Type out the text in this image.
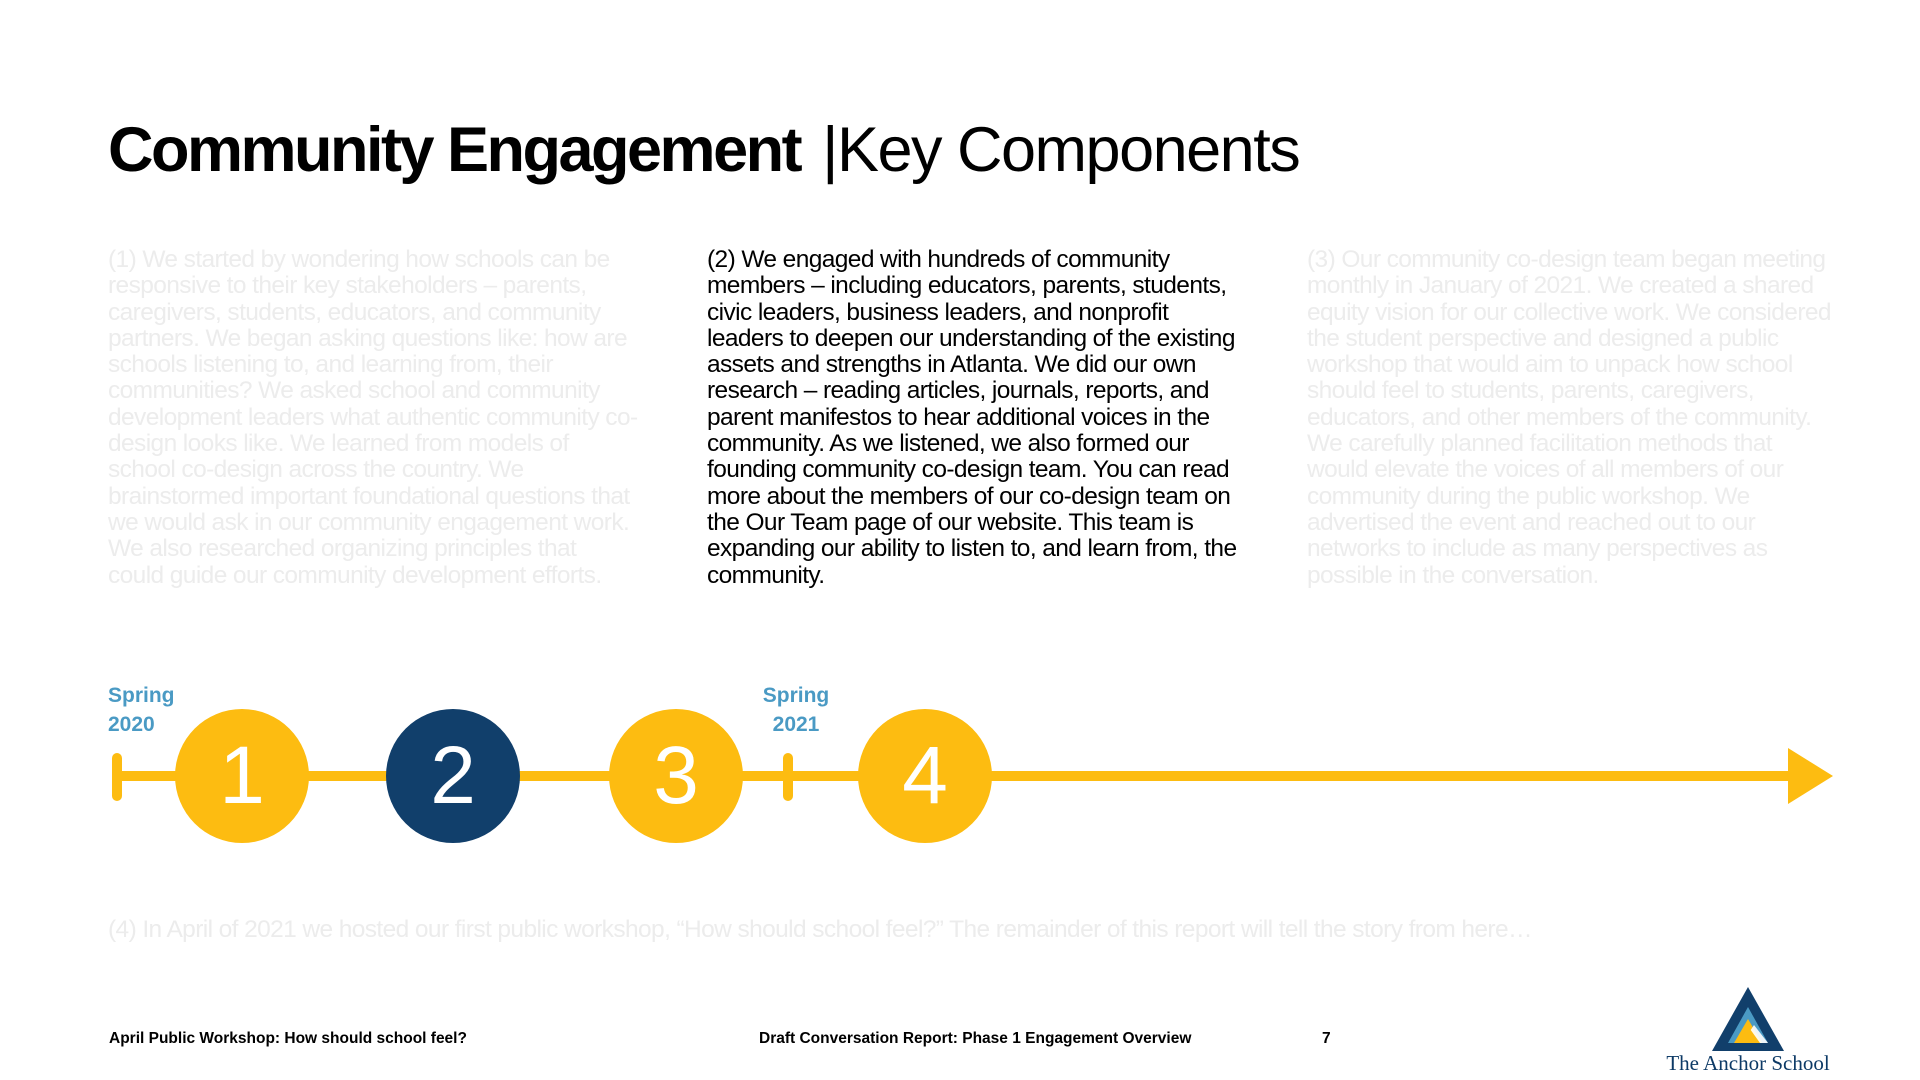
Community Engagement |Key Components
(1) We started by wondering how schools can be responsive to their key stakeholders – parents, caregivers, students, educators, and community partners. We began asking questions like: how are schools listening to, and learning from, their communities? We asked school and community development leaders what authentic community co-design looks like. We learned from models of school co-design across the country. We brainstormed important foundational questions that we would ask in our community engagement work. We also researched organizing principles that could guide our community development efforts.
(2) We engaged with hundreds of community members – including educators, parents, students, civic leaders, business leaders, and nonprofit leaders to deepen our understanding of the existing assets and strengths in Atlanta. We did our own research – reading articles, journals, reports, and parent manifestos to hear additional voices in the community. As we listened, we also formed our founding community co-design team. You can read more about the members of our co-design team on the Our Team page of our website. This team is expanding our ability to listen to, and learn from, the community.
(3) Our community co-design team began meeting monthly in January of 2021. We created a shared equity vision for our collective work. We considered the student perspective and designed a public workshop that would aim to unpack how school should feel to students, parents, caregivers, educators, and other members of the community. We carefully planned facilitation methods that would elevate the voices of all members of our community during the public workshop. We advertised the event and reached out to our networks to include as many perspectives as possible in the conversation.
Spring
2020
Spring
2021
1	2	3	4
(4) In April of 2021 we hosted our first public workshop, “How should school feel?” The remainder of this report will tell the story from here…
April Public Workshop: How should school feel?	Draft Conversation Report: Phase 1 Engagement Overview	7
The Anchor School
